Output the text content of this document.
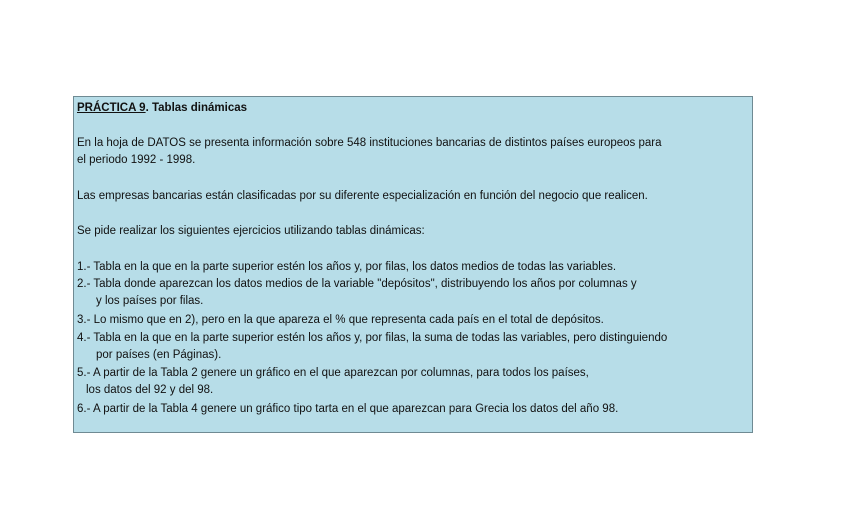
PRÁCTICA 9. Tablas dinámicas
En la hoja de DATOS se presenta información sobre 548 instituciones bancarias de distintos países europeos para
el periodo 1992 - 1998.
Las empresas bancarias están clasificadas por su diferente especialización en función del negocio que realicen.
Se pide realizar los siguientes ejercicios utilizando tablas dinámicas:
1.- Tabla en la que en la parte superior estén los años y, por filas, los datos medios de todas las variables.
2.- Tabla donde aparezcan los datos medios de la variable "depósitos", distribuyendo los años por columnas y
y los países por filas.
3.- Lo mismo que en 2), pero en la que apareza el % que representa cada país en el total de depósitos.
4.- Tabla en la que en la parte superior estén los años y, por filas, la suma de todas las variables, pero distinguiendo
por países (en Páginas).
5.- A partir de la Tabla 2 genere un gráfico en el que aparezcan por columnas, para todos los países,
los datos del 92 y del 98.
6.- A partir de la Tabla 4 genere un gráfico tipo tarta en el que aparezcan para Grecia los datos del año 98.
